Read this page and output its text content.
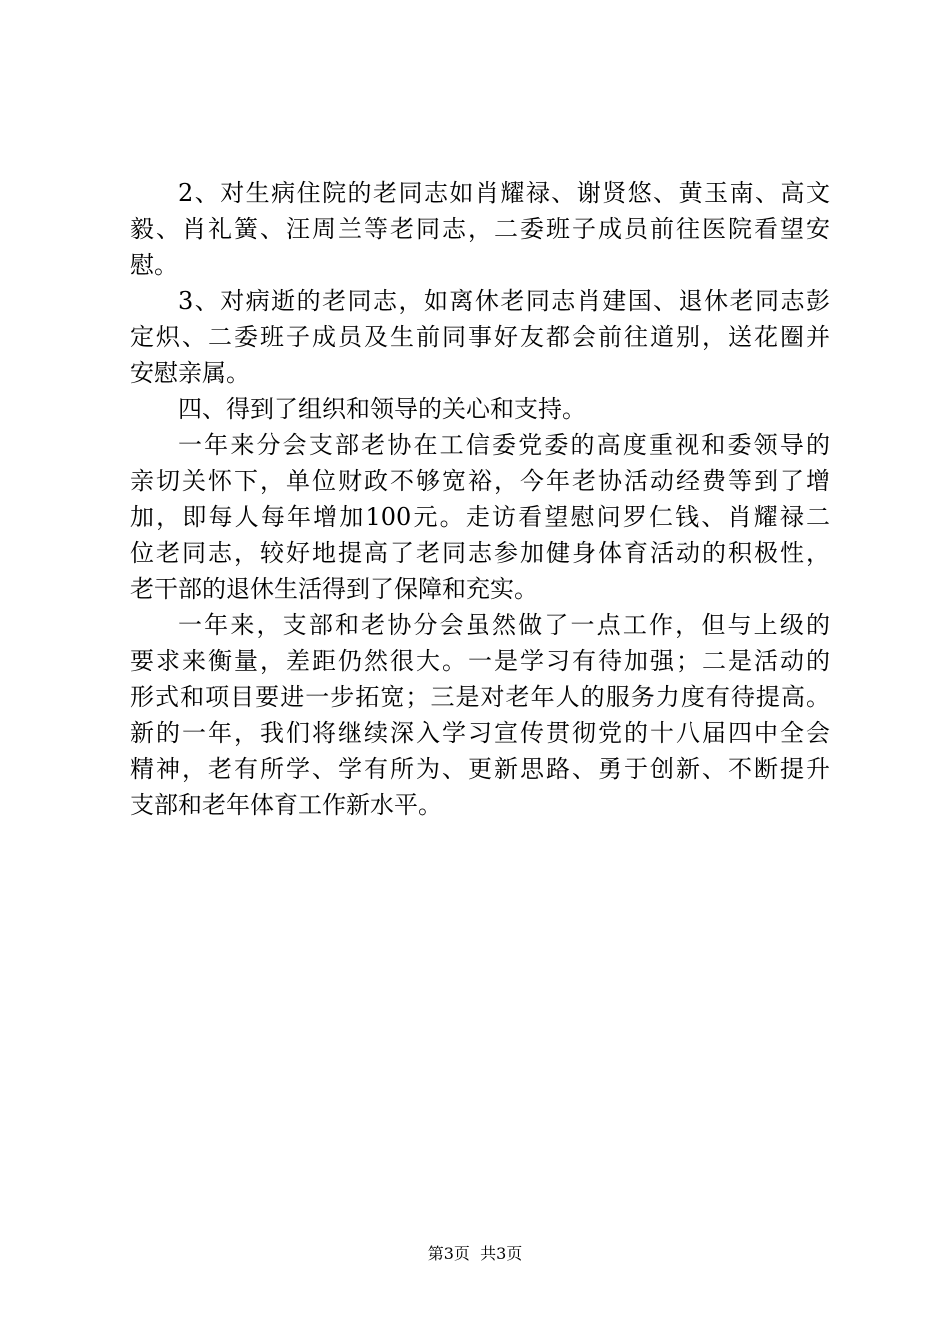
2、对生病住院的老同志如肖耀禄、谢贤悠、黄玉南、高文
毅、肖礼簧、汪周兰等老同志，二委班子成员前往医院看望安
慰。
3、对病逝的老同志，如离休老同志肖建国、退休老同志彭
定炽、二委班子成员及生前同事好友都会前往道别，送花圈并
安慰亲属。
四、得到了组织和领导的关心和支持。
一年来分会支部老协在工信委党委的高度重视和委领导的
亲切关怀下，单位财政不够宽裕，今年老协活动经费等到了增
加，即每人每年增加100元。走访看望慰问罗仁钱、肖耀禄二
位老同志，较好地提高了老同志参加健身体育活动的积极性，
老干部的退休生活得到了保障和充实。
一年来，支部和老协分会虽然做了一点工作，但与上级的
要求来衡量，差距仍然很大。一是学习有待加强；二是活动的
形式和项目要进一步拓宽；三是对老年人的服务力度有待提高。
新的一年，我们将继续深入学习宣传贯彻党的十八届四中全会
精神，老有所学、学有所为、更新思路、勇于创新、不断提升
支部和老年体育工作新水平。
第3页  共3页
